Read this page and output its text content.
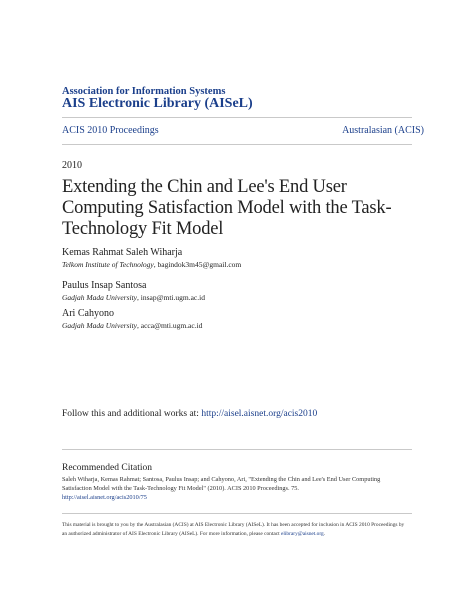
Association for Information Systems
AIS Electronic Library (AISeL)
ACIS 2010 Proceedings	Australasian (ACIS)
2010
Extending the Chin and Lee's End User Computing Satisfaction Model with the Task-Technology Fit Model
Kemas Rahmat Saleh Wiharja
Telkom Institute of Technology, bagindok3m45@gmail.com
Paulus Insap Santosa
Gadjah Mada University, insap@mti.ugm.ac.id
Ari Cahyono
Gadjah Mada University, acca@mti.ugm.ac.id
Follow this and additional works at: http://aisel.aisnet.org/acis2010
Recommended Citation
Saleh Wiharja, Kemas Rahmat; Santosa, Paulus Insap; and Cahyono, Ari, "Extending the Chin and Lee's End User Computing Satisfaction Model with the Task-Technology Fit Model" (2010). ACIS 2010 Proceedings. 75.
http://aisel.aisnet.org/acis2010/75
This material is brought to you by the Australasian (ACIS) at AIS Electronic Library (AISeL). It has been accepted for inclusion in ACIS 2010 Proceedings by an authorized administrator of AIS Electronic Library (AISeL). For more information, please contact elibrary@aisnet.org.
